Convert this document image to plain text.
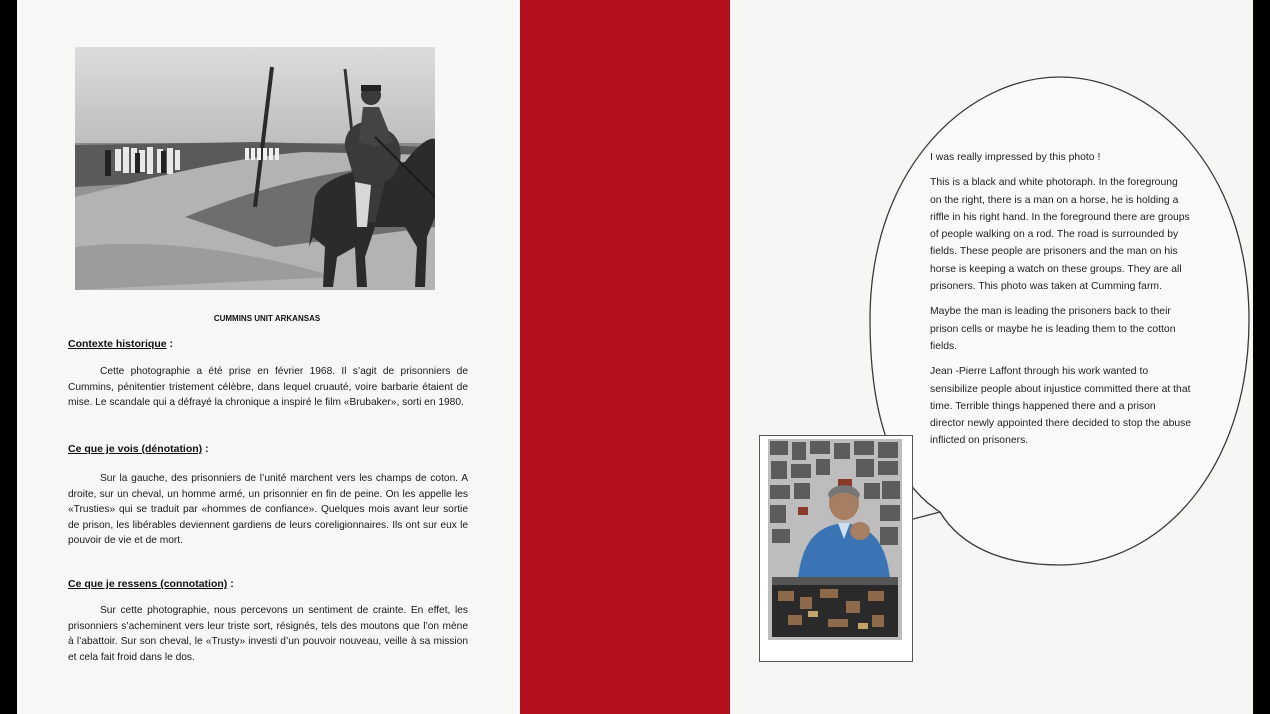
CUMMINS UNIT ARKANSAS
Contexte historique :
Cette photographie a été prise en février 1968. Il s’agit de prisonniers de Cummins, pénitentier tristement célèbre, dans lequel cruauté, voire barbarie étaient de mise. Le scandale qui a défrayé la chronique a inspiré le film «Brubaker», sorti en 1980.
Ce que je vois (dénotation) :
Sur la gauche, des prisonniers de l’unité marchent vers les champs de coton. A droite, sur un cheval, un homme armé, un prisonnier en fin de peine. On les appelle les «Trusties» qui se traduit par «hommes de confiance». Quelques mois avant leur sortie de prison, les libérables deviennent gardiens de leurs coreligionnaires. Ils ont sur eux le pouvoir de vie et de mort.
Ce que je ressens (connotation) :
Sur cette photographie, nous percevons un sentiment de crainte. En effet, les prisonniers s’acheminent vers leur triste sort, résignés, tels des moutons que l’on mène à l’abattoir. Sur son cheval, le «Trusty» investi d’un pouvoir nouveau, veille à sa mission et cela fait froid dans le dos.

I was really impressed by this photo !

This is a black and white photoraph. In the foregroung on the right, there is a man on a horse, he is holding a riffle in his right hand. In the foreground there are groups of people walking on a rod. The road is surrounded by fields. These people are prisoners and the man on his horse is keeping a watch on these groups. They are all prisoners. This photo was taken at Cumming farm.

Maybe the man is leading the prisoners back to their prison cells or maybe he is leading them to the cotton fields.

Jean -Pierre Laffont through his work wanted to sensibilize people about injustice committed there at that time. Terrible things happened there and a prison director newly appointed there decided to stop the abuse inflicted on prisoners.
